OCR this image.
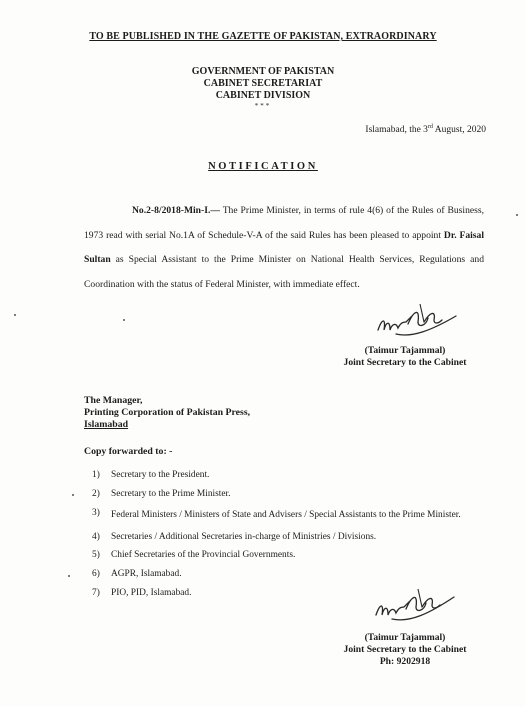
TO BE PUBLISHED IN THE GAZETTE OF PAKISTAN, EXTRAORDINARY
GOVERNMENT OF PAKISTAN
CABINET SECRETARIAT
CABINET DIVISION
***
Islamabad, the 3rd August, 2020
NOTIFICATION
No.2-8/2018-Min-I.— The Prime Minister, in terms of rule 4(6) of the Rules of Business, 1973 read with serial No.1A of Schedule-V-A of the said Rules has been pleased to appoint Dr. Faisal Sultan as Special Assistant to the Prime Minister on National Health Services, Regulations and Coordination with the status of Federal Minister, with immediate effect.
(Taimur Tajammal)
Joint Secretary to the Cabinet
The Manager,
Printing Corporation of Pakistan Press,
Islamabad
Copy forwarded to: -
1) Secretary to the President.
2) Secretary to the Prime Minister.
3)	Federal Ministers / Ministers of State and Advisers / Special Assistants to the Prime Minister.
4) Secretaries / Additional Secretaries in-charge of Ministries / Divisions.
5) Chief Secretaries of the Provincial Governments.
6) AGPR, Islamabad.
7) PIO, PID, Islamabad.
(Taimur Tajammal)
Joint Secretary to the Cabinet
Ph: 9202918
